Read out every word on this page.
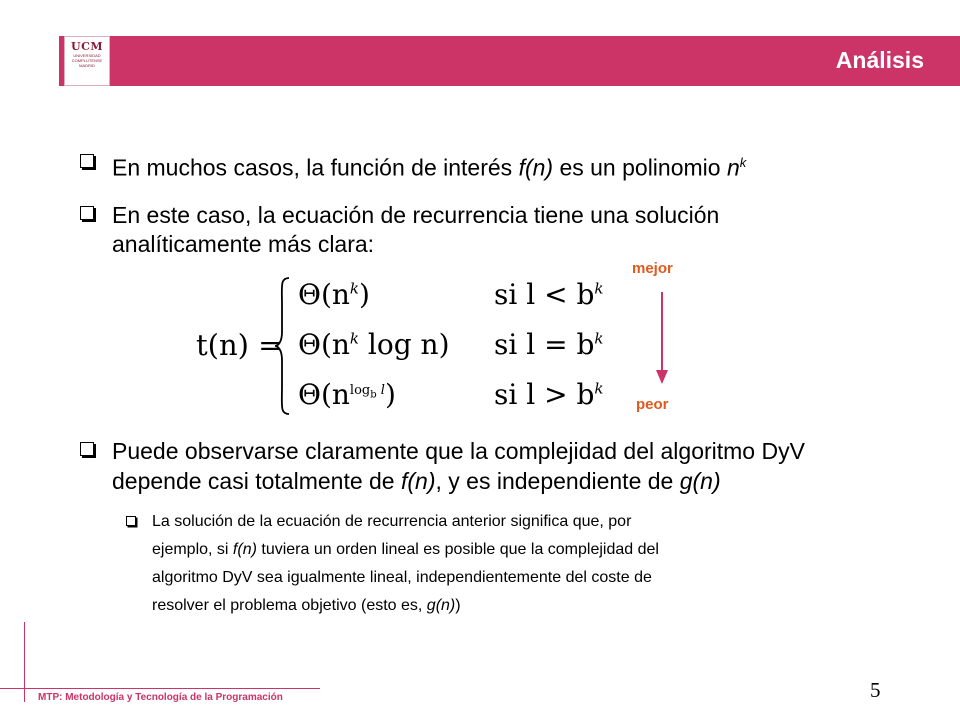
Análisis
UCM
UNIVERSIDAD
COMPLUTENSE
MADRID
En muchos casos, la función de interés f(n) es un polinomio $n^k$
En este caso, la ecuación de recurrencia tiene una solución
analíticamente más clara:
t(n) =
$\Theta(n^k)$
$\Theta(n^k$ log n)
$\Theta(n^{log_b l})$
si $l < b^k$
si $l = b^k$
si $l > b^k$
mejor
peor
Puede observarse claramente que la complejidad del algoritmo DyV
depende casi totalmente de f(n), y es independiente de g(n)
La solución de la ecuación de recurrencia anterior significa que, por
ejemplo, si f(n) tuviera un orden lineal es posible que la complejidad del
algoritmo DyV sea igualmente lineal, independientemente del coste de
resolver el problema objetivo (esto es, g(n))
MTP: Metodología y Tecnología de la Programación	5
